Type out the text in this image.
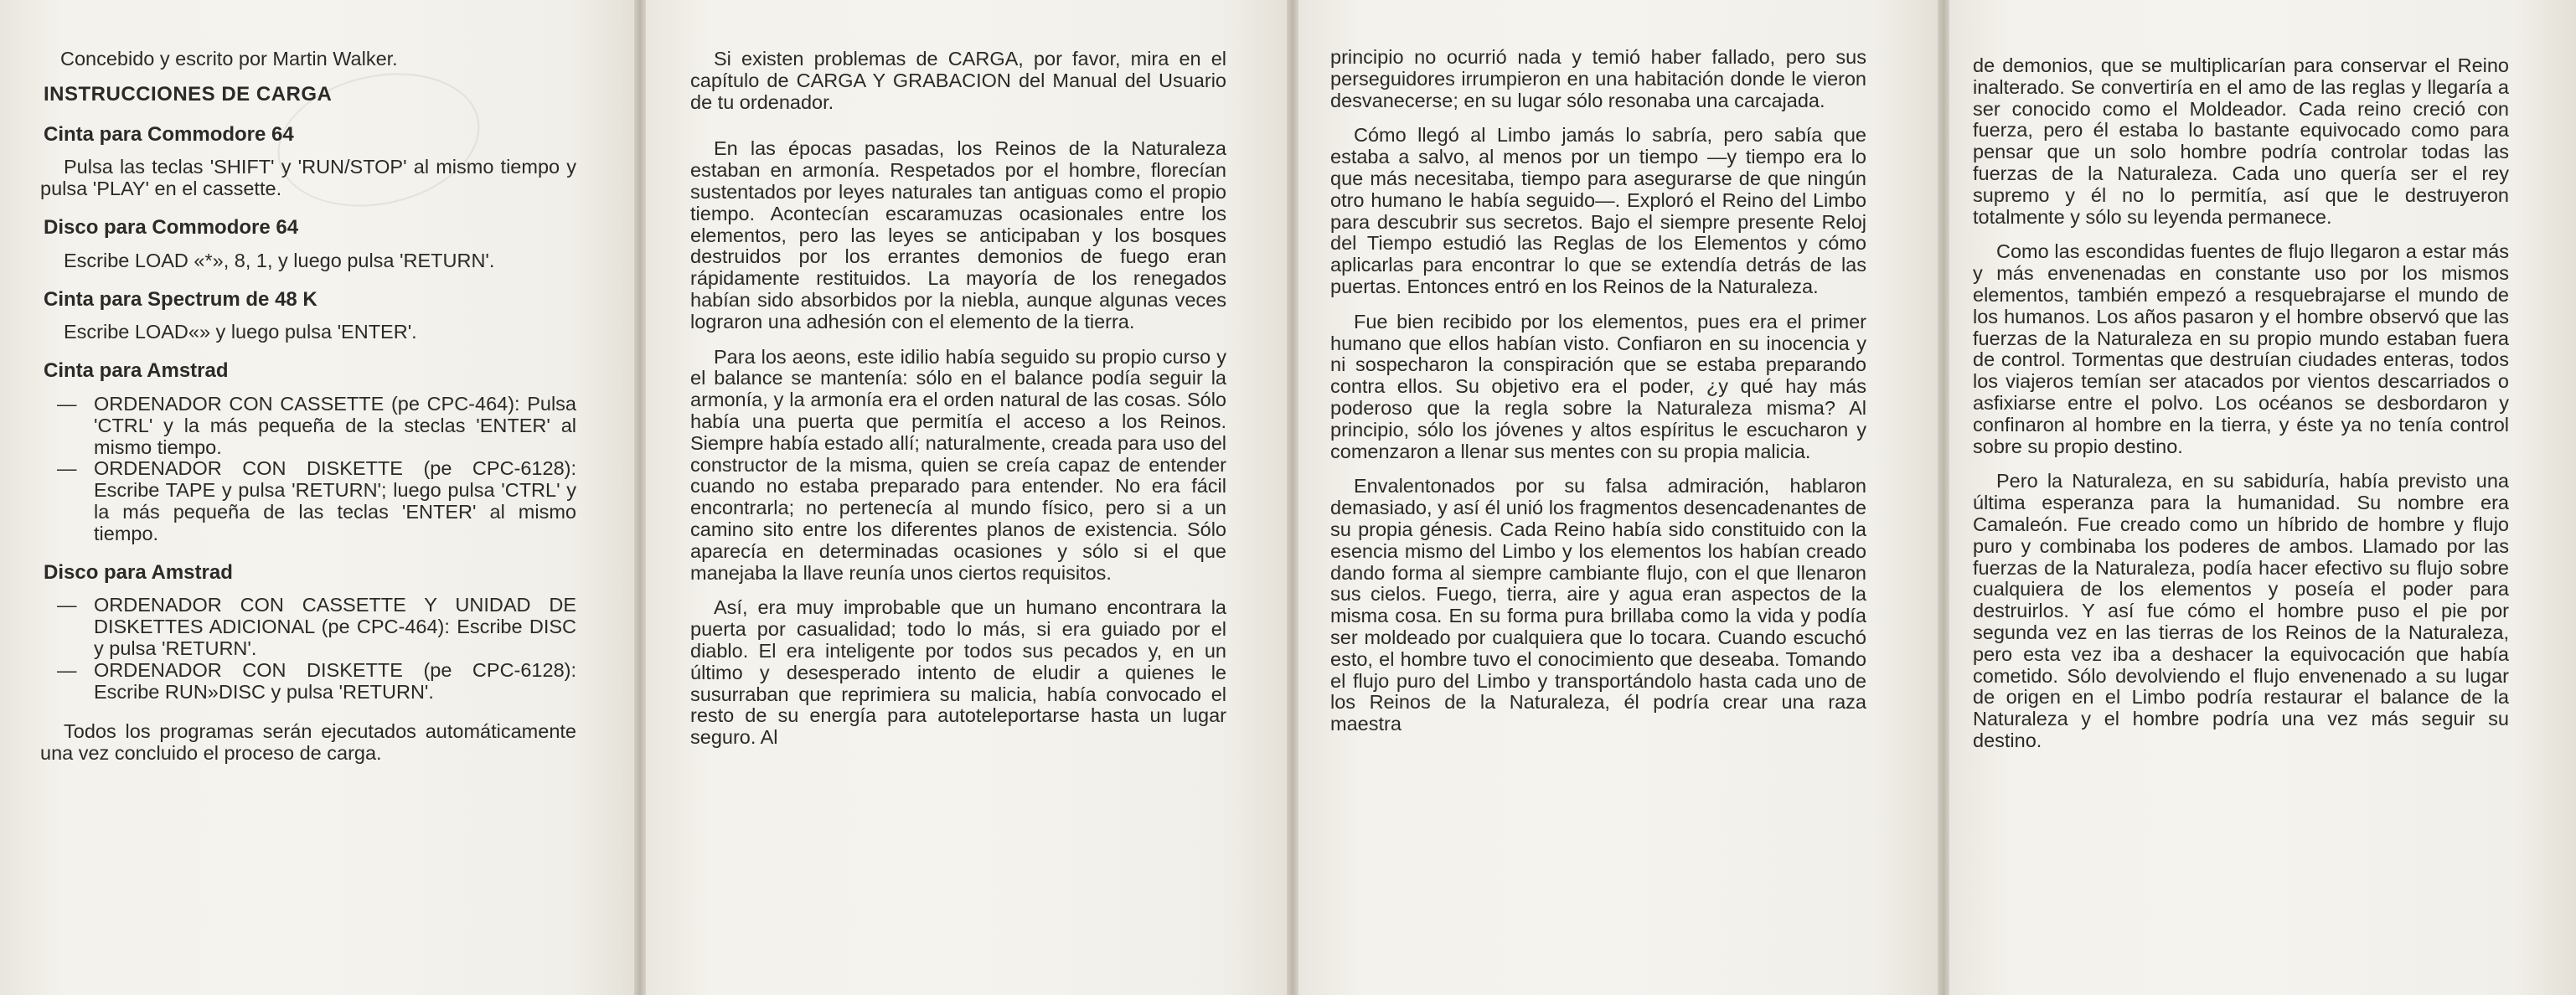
Concebido y escrito por Martin Walker.

INSTRUCCIONES DE CARGA

Cinta para Commodore 64

Pulsa las teclas 'SHIFT' y 'RUN/STOP' al mismo tiempo y pulsa 'PLAY' en el cassette.

Disco para Commodore 64

Escribe LOAD «*», 8, 1, y luego pulsa 'RETURN'.

Cinta para Spectrum de 48 K

Escribe LOAD«» y luego pulsa 'ENTER'.

Cinta para Amstrad

— ORDENADOR CON CASSETTE (pe CPC-464): Pulsa 'CTRL' y la más pequeña de la steclas 'ENTER' al mismo tiempo.
— ORDENADOR CON DISKETTE (pe CPC-6128): Escribe TAPE y pulsa 'RETURN'; luego pulsa 'CTRL' y la más pequeña de las teclas 'ENTER' al mismo tiempo.

Disco para Amstrad

— ORDENADOR CON CASSETTE Y UNIDAD DE DISKETTES ADICIONAL (pe CPC-464): Escribe DISC y pulsa 'RETURN'.
— ORDENADOR CON DISKETTE (pe CPC-6128): Escribe RUN»DISC y pulsa 'RETURN'.

Todos los programas serán ejecutados automáticamente una vez concluido el proceso de carga.

Si existen problemas de CARGA, por favor, mira en el capítulo de CARGA Y GRABACION del Manual del Usuario de tu ordenador.

En las épocas pasadas, los Reinos de la Naturaleza estaban en armonía. Respetados por el hombre, florecían sustentados por leyes naturales tan antiguas como el propio tiempo. Acontecían escaramuzas ocasionales entre los elementos, pero las leyes se anticipaban y los bosques destruidos por los errantes demonios de fuego eran rápidamente restituidos. La mayoría de los renegados habían sido absorbidos por la niebla, aunque algunas veces lograron una adhesión con el elemento de la tierra.

Para los aeons, este idilio había seguido su propio curso y el balance se mantenía: sólo en el balance podía seguir la armonía, y la armonía era el orden natural de las cosas. Sólo había una puerta que permitía el acceso a los Reinos. Siempre había estado allí; naturalmente, creada para uso del constructor de la misma, quien se creía capaz de entender cuando no estaba preparado para entender. No era fácil encontrarla; no pertenecía al mundo físico, pero si a un camino sito entre los diferentes planos de existencia. Sólo aparecía en determinadas ocasiones y sólo si el que manejaba la llave reunía unos ciertos requisitos.

Así, era muy improbable que un humano encontrara la puerta por casualidad; todo lo más, si era guiado por el diablo. El era inteligente por todos sus pecados y, en un último y desesperado intento de eludir a quienes le susurraban que reprimiera su malicia, había convocado el resto de su energía para autoteleportarse hasta un lugar seguro. Al

principio no ocurrió nada y temió haber fallado, pero sus perseguidores irrumpieron en una habitación donde le vieron desvanecerse; en su lugar sólo resonaba una carcajada.

Cómo llegó al Limbo jamás lo sabría, pero sabía que estaba a salvo, al menos por un tiempo —y tiempo era lo que más necesitaba, tiempo para asegurarse de que ningún otro humano le había seguido—. Exploró el Reino del Limbo para descubrir sus secretos. Bajo el siempre presente Reloj del Tiempo estudió las Reglas de los Elementos y cómo aplicarlas para encontrar lo que se extendía detrás de las puertas. Entonces entró en los Reinos de la Naturaleza.

Fue bien recibido por los elementos, pues era el primer humano que ellos habían visto. Confiaron en su inocencia y ni sospecharon la conspiración que se estaba preparando contra ellos. Su objetivo era el poder, ¿y qué hay más poderoso que la regla sobre la Naturaleza misma? Al principio, sólo los jóvenes y altos espíritus le escucharon y comenzaron a llenar sus mentes con su propia malicia.

Envalentonados por su falsa admiración, hablaron demasiado, y así él unió los fragmentos desencadenantes de su propia génesis. Cada Reino había sido constituido con la esencia mismo del Limbo y los elementos los habían creado dando forma al siempre cambiante flujo, con el que llenaron sus cielos. Fuego, tierra, aire y agua eran aspectos de la misma cosa. En su forma pura brillaba como la vida y podía ser moldeado por cualquiera que lo tocara. Cuando escuchó esto, el hombre tuvo el conocimiento que deseaba. Tomando el flujo puro del Limbo y transportándolo hasta cada uno de los Reinos de la Naturaleza, él podría crear una raza maestra

de demonios, que se multiplicarían para conservar el Reino inalterado. Se convertiría en el amo de las reglas y llegaría a ser conocido como el Moldeador. Cada reino creció con fuerza, pero él estaba lo bastante equivocado como para pensar que un solo hombre podría controlar todas las fuerzas de la Naturaleza. Cada uno quería ser el rey supremo y él no lo permitía, así que le destruyeron totalmente y sólo su leyenda permanece.

Como las escondidas fuentes de flujo llegaron a estar más y más envenenadas en constante uso por los mismos elementos, también empezó a resquebrajarse el mundo de los humanos. Los años pasaron y el hombre observó que las fuerzas de la Naturaleza en su propio mundo estaban fuera de control. Tormentas que destruían ciudades enteras, todos los viajeros temían ser atacados por vientos descarriados o asfixiarse entre el polvo. Los océanos se desbordaron y confinaron al hombre en la tierra, y éste ya no tenía control sobre su propio destino.

Pero la Naturaleza, en su sabiduría, había previsto una última esperanza para la humanidad. Su nombre era Camaleón. Fue creado como un híbrido de hombre y flujo puro y combinaba los poderes de ambos. Llamado por las fuerzas de la Naturaleza, podía hacer efectivo su flujo sobre cualquiera de los elementos y poseía el poder para destruirlos. Y así fue cómo el hombre puso el pie por segunda vez en las tierras de los Reinos de la Naturaleza, pero esta vez iba a deshacer la equivocación que había cometido. Sólo devolviendo el flujo envenenado a su lugar de origen en el Limbo podría restaurar el balance de la Naturaleza y el hombre podría una vez más seguir su destino.
